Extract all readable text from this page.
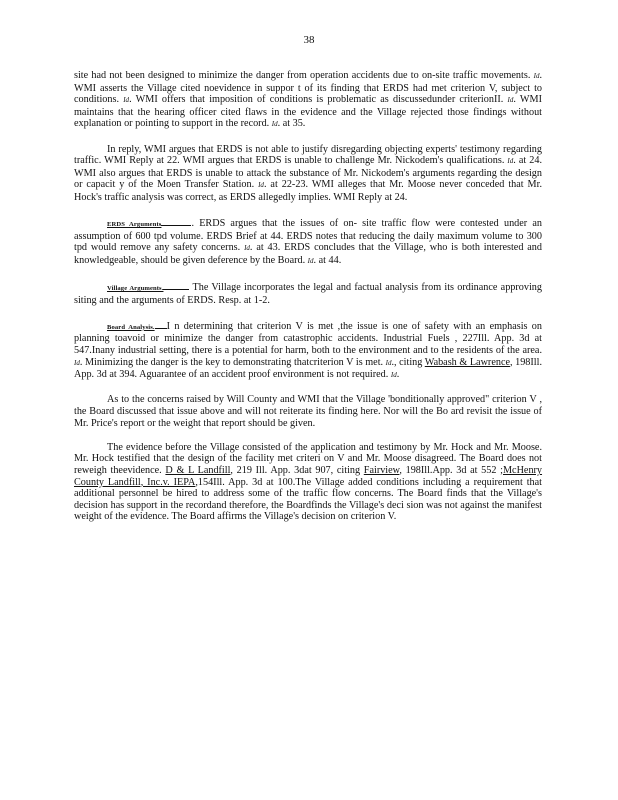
38

site had not been designed to minimize the danger from operation accidents due to on-site traffic movements. Id. WMI asserts the Village cited noevidence in suppor t of its finding that ERDS had met criterion V, subject to conditions. Id. WMI offers that imposition of conditions is problematic as discussedunder criterionII. Id. WMI maintains that the hearing officer cited flaws in the evidence and the Village rejected those findings without explanation or pointing to support in the record. Id. at 35.

In reply, WMI argues that ERDS is not able to justify disregarding objecting experts' testimony regarding traffic. WMI Reply at 22. WMI argues that ERDS is unable to challenge Mr. Nickodem's qualifications. Id. at 24. WMI also argues that ERDS is unable to attack the substance of Mr. Nickodem's arguments regarding the design or capacit y of the Moen Transfer Station. Id. at 22-23. WMI alleges that Mr. Moose never conceded that Mr. Hock's traffic analysis was correct, as ERDS allegedly implies. WMI Reply at 24.

ERDS Arguments	. ERDS argues that the issues of on- site traffic flow were contested under an assumption of 600 tpd volume. ERDS Brief at 44. ERDS notes that reducing the daily maximum volume to 300 tpd would remove any safety concerns. Id. at 43. ERDS concludes that the Village, who is both interested and knowledgeable, should be given deference by the Board. Id. at 44.

Village Arguments.	The Village incorporates the legal and factual analysis from its ordinance approving siting and the arguments of ERDS. Resp. at 1-2.

Board Analysis. I n determining that criterion V is met ,the issue is one of safety with an emphasis on planning toavoid or minimize the danger from catastrophic accidents. Industrial Fuels , 227Ill. App. 3d at 547.Inany industrial setting, there is a potential for harm, both to the environment and to the residents of the area. Id. Minimizing the danger is the key to demonstrating thatcriterion V is met. Id., citing Wabash & Lawrence, 198Ill. App. 3d at 394. Aguarantee of an accident proof environment is not required. Id.

As to the concerns raised by Will County and WMI that the Village 'bonditionally approved" criterion V , the Board discussed that issue above and will not reiterate its finding here. Nor will the Bo ard revisit the issue of Mr. Price's report or the weight that report should be given.

The evidence before the Village consisted of the application and testimony by Mr. Hock and Mr. Moose. Mr. Hock testified that the design of the facility met criteri on V and Mr. Moose disagreed. The Board does not reweigh theevidence. D & L Landfill, 219 Ill. App. 3dat 907, citing Fairview, 198Ill.App. 3d at 552 ;McHenry County Landfill, Inc.v. IEPA,154Ill. App. 3d at 100.The Village added conditions including a requirement that additional personnel be hired to address some of the traffic flow concerns. The Board finds that the Village's decision has support in the recordand therefore, the Boardfinds the Village's deci sion was not against the manifest weight of the evidence. The Board affirms the Village's decision on criterion V.
